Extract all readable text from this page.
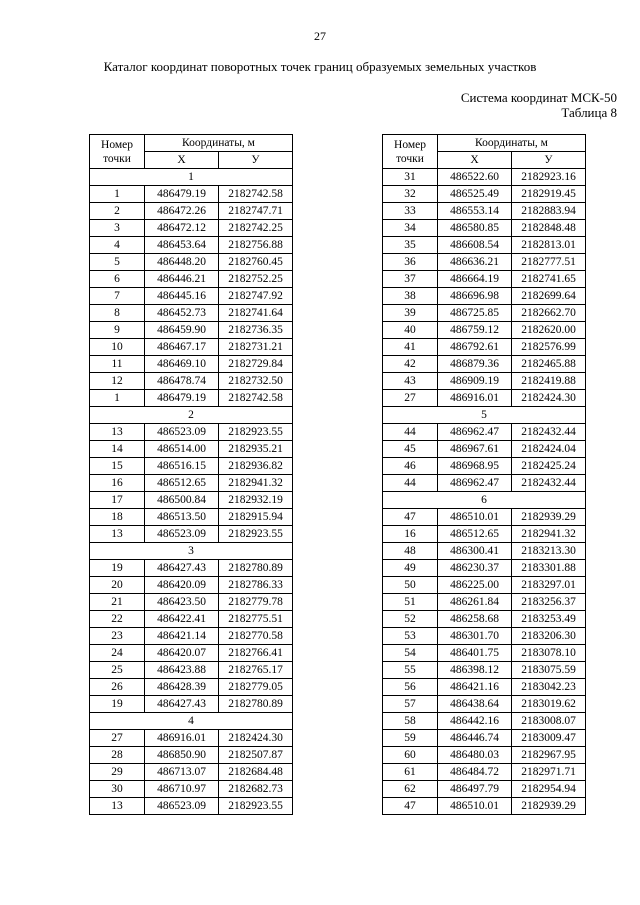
27
Каталог координат поворотных точек границ образуемых земельных участков
Система координат МСК-50
Таблица 8
Номер
точки	Координаты, м	
	X	У
1		
1	486479.19	2182742.58
2	486472.26	2182747.71
3	486472.12	2182742.25
4	486453.64	2182756.88
5	486448.20	2182760.45
6	486446.21	2182752.25
7	486445.16	2182747.92
8	486452.73	2182741.64
9	486459.90	2182736.35
10	486467.17	2182731.21
11	486469.10	2182729.84
12	486478.74	2182732.50
1	486479.19	2182742.58
2		
13	486523.09	2182923.55
14	486514.00	2182935.21
15	486516.15	2182936.82
16	486512.65	2182941.32
17	486500.84	2182932.19
18	486513.50	2182915.94
13	486523.09	2182923.55
3		
19	486427.43	2182780.89
20	486420.09	2182786.33
21	486423.50	2182779.78
22	486422.41	2182775.51
23	486421.14	2182770.58
24	486420.07	2182766.41
25	486423.88	2182765.17
26	486428.39	2182779.05
19	486427.43	2182780.89
4		
27	486916.01	2182424.30
28	486850.90	2182507.87
29	486713.07	2182684.48
30	486710.97	2182682.73
13	486523.09	2182923.55
Номер
точки	Координаты, м	
	X	У
31	486522.60	2182923.16
32	486525.49	2182919.45
33	486553.14	2182883.94
34	486580.85	2182848.48
35	486608.54	2182813.01
36	486636.21	2182777.51
37	486664.19	2182741.65
38	486696.98	2182699.64
39	486725.85	2182662.70
40	486759.12	2182620.00
41	486792.61	2182576.99
42	486879.36	2182465.88
43	486909.19	2182419.88
27	486916.01	2182424.30
5		
44	486962.47	2182432.44
45	486967.61	2182424.04
46	486968.95	2182425.24
44	486962.47	2182432.44
6		
47	486510.01	2182939.29
16	486512.65	2182941.32
48	486300.41	2183213.30
49	486230.37	2183301.88
50	486225.00	2183297.01
51	486261.84	2183256.37
52	486258.68	2183253.49
53	486301.70	2183206.30
54	486401.75	2183078.10
55	486398.12	2183075.59
56	486421.16	2183042.23
57	486438.64	2183019.62
58	486442.16	2183008.07
59	486446.74	2183009.47
60	486480.03	2182967.95
61	486484.72	2182971.71
62	486497.79	2182954.94
47	486510.01	2182939.29
